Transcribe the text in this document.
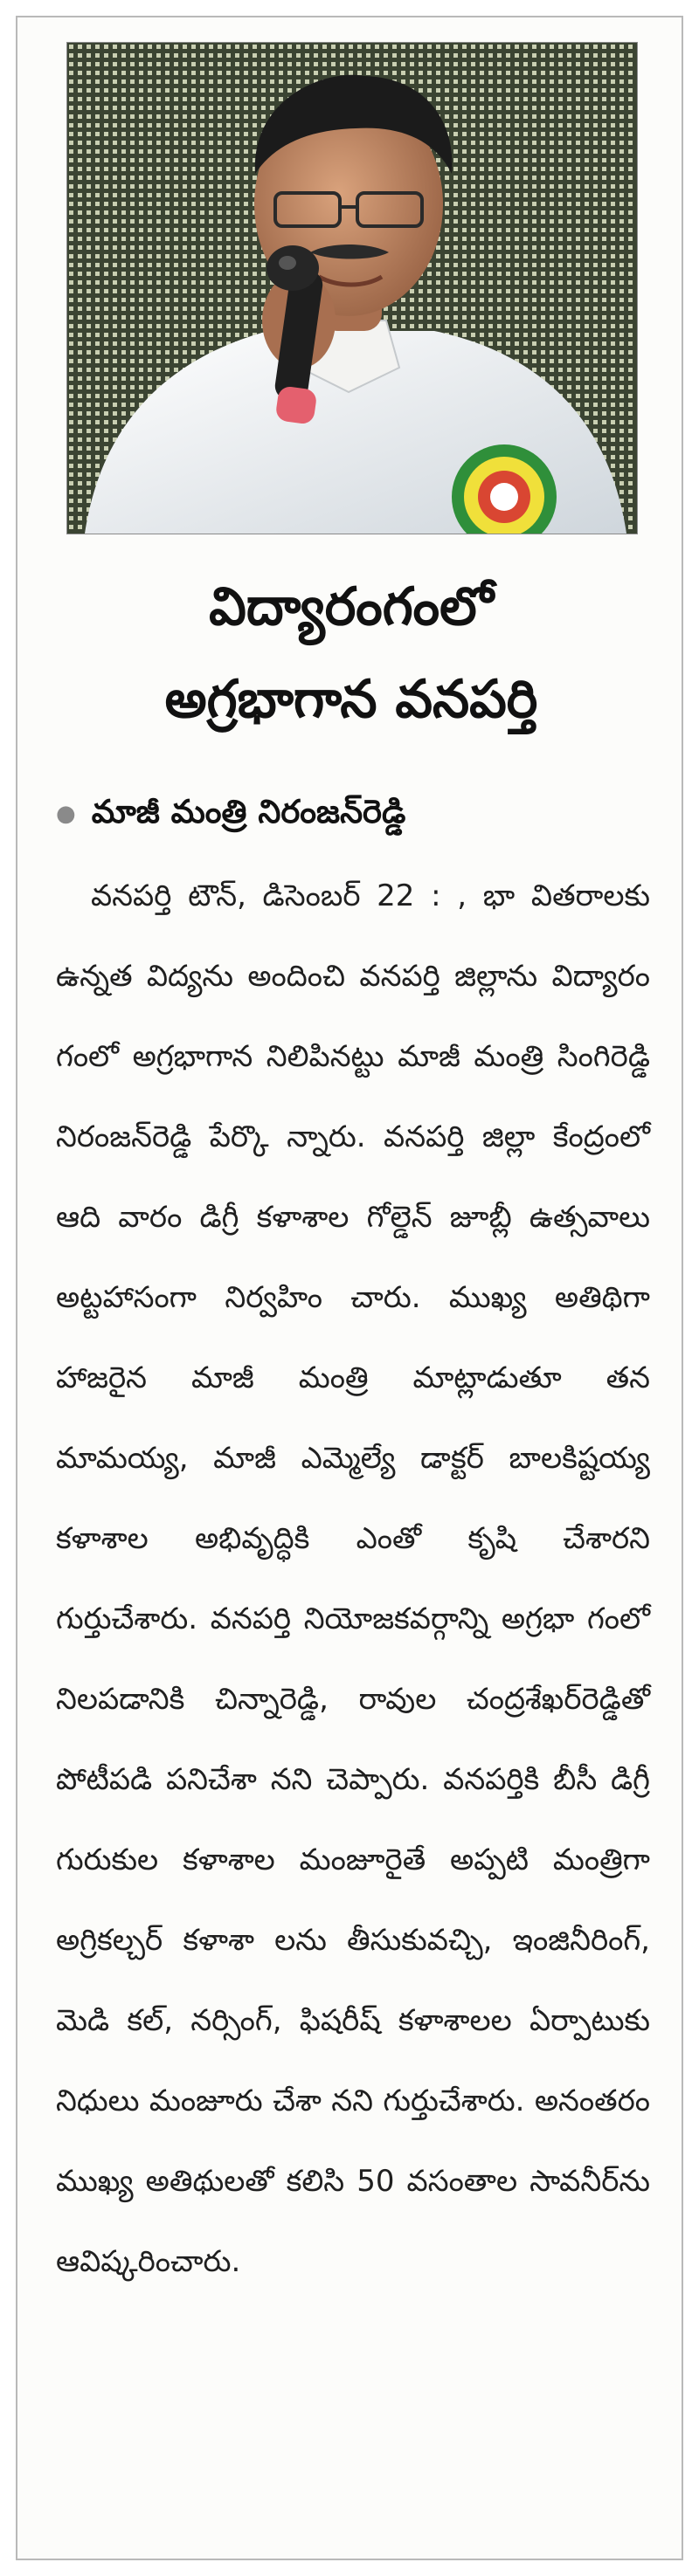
విద్యారంగంలో
అగ్రభాగాన వనపర్తి
● మాజీ మంత్రి నిరంజన్‌రెడ్డి
వనపర్తి టౌన్, డిసెంబర్ 22 : , భా వితరాలకు ఉన్నత విద్యను అందించి వనపర్తి జిల్లాను విద్యారం గంలో అగ్రభాగాన నిలిపినట్టు మాజీ మంత్రి సింగిరెడ్డి నిరంజన్‌రెడ్డి పేర్కొ న్నారు. వనపర్తి జిల్లా కేంద్రంలో ఆది వారం డిగ్రీ కళాశాల గోల్డెన్ జూబ్లీ ఉత్సవాలు అట్టహాసంగా నిర్వహిం చారు. ముఖ్య అతిథిగా హాజరైన మాజీ మంత్రి మాట్లాడుతూ తన మామయ్య, మాజీ ఎమ్మెల్యే డాక్టర్ బాలకిష్టయ్య కళాశాల అభివృద్ధికి ఎంతో కృషి చేశారని గుర్తుచేశారు. వనపర్తి నియోజకవర్గాన్ని అగ్రభా గంలో నిలపడానికి చిన్నారెడ్డి, రావుల చంద్రశేఖర్‌రెడ్డితో పోటీపడి పనిచేశా నని చెప్పారు. వనపర్తికి బీసీ డిగ్రీ గురుకుల కళాశాల మంజూరైతే అప్పటి మంత్రిగా అగ్రికల్చర్ కళాశా లను తీసుకువచ్చి, ఇంజినీరింగ్, మెడి కల్, నర్సింగ్, ఫిషరీష్ కళాశాలల ఏర్పాటుకు నిధులు మంజూరు చేశా నని గుర్తుచేశారు. అనంతరం ముఖ్య అతిథులతో కలిసి 50 వసంతాల సావనీర్‌ను ఆవిష్కరించారు.
